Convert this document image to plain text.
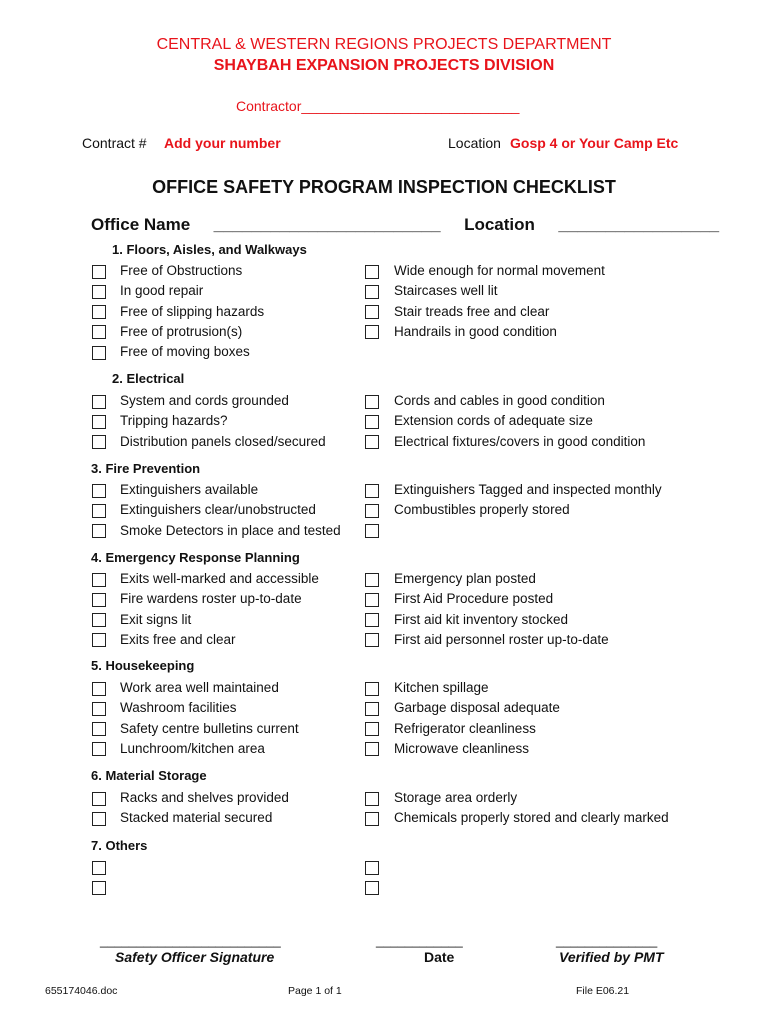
CENTRAL & WESTERN REGIONS PROJECTS DEPARTMENT
SHAYBAH EXPANSION PROJECTS DIVISION
Contractor____________________________
Contract # Add your number	Location Gosp 4 or Your Camp Etc
OFFICE SAFETY PROGRAM INSPECTION CHECKLIST
Office Name ________________________ Location _________________
1. Floors, Aisles, and Walkways
Free of Obstructions	Wide enough for normal movement
In good repair	Staircases well lit
Free of slipping hazards	Stair treads free and clear
Free of protrusion(s)	Handrails in good condition
Free of moving boxes
2. Electrical
System and cords grounded	Cords and cables in good condition
Tripping hazards?	Extension cords of adequate size
Distribution panels closed/secured	Electrical fixtures/covers in good condition
3. Fire Prevention
Extinguishers available	Extinguishers Tagged and inspected monthly
Extinguishers clear/unobstructed	Combustibles properly stored
Smoke Detectors in place and tested
4. Emergency Response Planning
Exits well-marked and accessible	Emergency plan posted
Fire wardens roster up-to-date	First Aid Procedure posted
Exit signs lit	First aid kit inventory stocked
Exits free and clear	First aid personnel roster up-to-date
5. Housekeeping
Work area well maintained	Kitchen spillage
Washroom facilities	Garbage disposal adequate
Safety centre bulletins current	Refrigerator cleanliness
Lunchroom/kitchen area	Microwave cleanliness
6. Material Storage
Racks and shelves provided	Storage area orderly
Stacked material secured	Chemicals properly stored and clearly marked
7. Others
_________________________
Safety Officer Signature
____________
Date
______________
Verified by PMT
655174046.doc	Page 1 of 1	File E06.21
